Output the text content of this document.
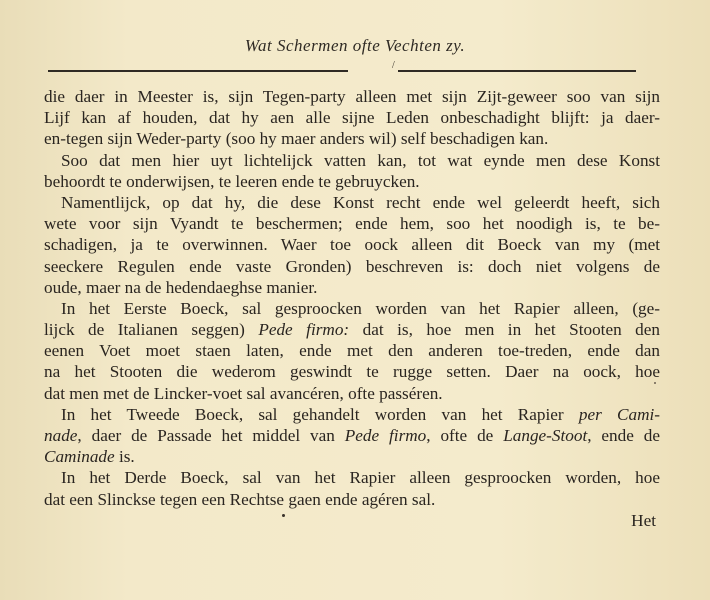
Wat Schermen ofte Vechten zy.
/
die daer in Meester is, sijn Tegen-party alleen met sijn Zijt-geweer soo van sijn
Lijf kan af houden, dat hy aen alle sijne Leden onbeschadight blijft: ja daer-
en-tegen sijn Weder-party (soo hy maer anders wil) self beschadigen kan.
Soo dat men hier uyt lichtelijck vatten kan, tot wat eynde men dese Konst
behoordt te onderwijsen, te leeren ende te gebruycken.
Namentlijck, op dat hy, die dese Konst recht ende wel geleerdt heeft, sich
wete voor sijn Vyandt te beschermen; ende hem, soo het noodigh is, te be-
schadigen, ja te overwinnen. Waer toe oock alleen dit Boeck van my (met
seeckere Regulen ende vaste Gronden) beschreven is: doch niet volgens de
oude, maer na de hedendaeghse manier.
In het Eerste Boeck, sal gesproocken worden van het Rapier alleen, (ge-
lijck de Italianen seggen) Pede firmo: dat is, hoe men in het Stooten den
eenen Voet moet staen laten, ende met den anderen toe-treden, ende dan
na het Stooten die wederom geswindt te rugge setten. Daer na oock, hoe
dat men met de Lincker-voet sal avancéren, ofte passéren.
In het Tweede Boeck, sal gehandelt worden van het Rapier per Cami-
nade, daer de Passade het middel van Pede firmo, ofte de Lange-Stoot, ende de
Caminade is.
In het Derde Boeck, sal van het Rapier alleen gesproocken worden, hoe
dat een Slinckse tegen een Rechtse gaen ende agéren sal.
Het
